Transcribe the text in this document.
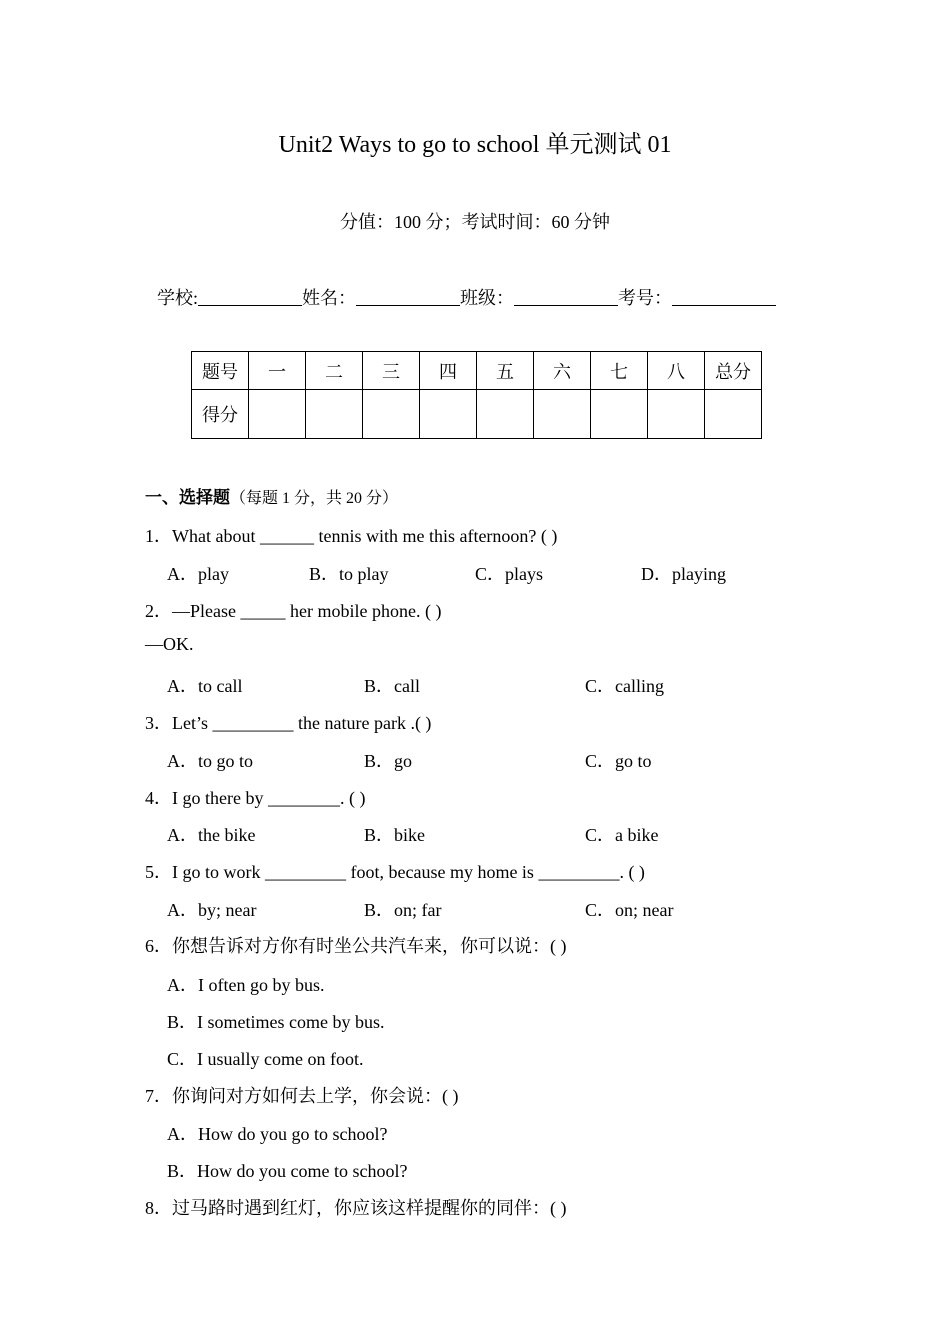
Unit2 Ways to go to school 单元测试 01
分值：100 分；考试时间：60 分钟
学校:	姓名：	班级：	考号：
题号	一	二	三	四	五	六	七	八	总分
得分									
一、选择题（每题 1 分，共 20 分）
1．What about ______ tennis with me this afternoon? ( )
A．play	B．to play	C．plays	D．playing
2．—Please _____ her mobile phone. ( )
—OK.
A．to call	B．call	C．calling
3．Let’s _________ the nature park .( )
A．to go to	B．go	C．go to
4．I go there by ________. ( )
A．the bike	B．bike	C．a bike
5．I go to work _________ foot, because my home is _________. ( )
A．by; near	B．on; far	C．on; near
6．你想告诉对方你有时坐公共汽车来，你可以说：( )
A．I often go by bus.
B．I sometimes come by bus.
C．I usually come on foot.
7．你询问对方如何去上学，你会说：( )
A．How do you go to school?
B．How do you come to school?
8．过马路时遇到红灯，你应该这样提醒你的同伴：( )
